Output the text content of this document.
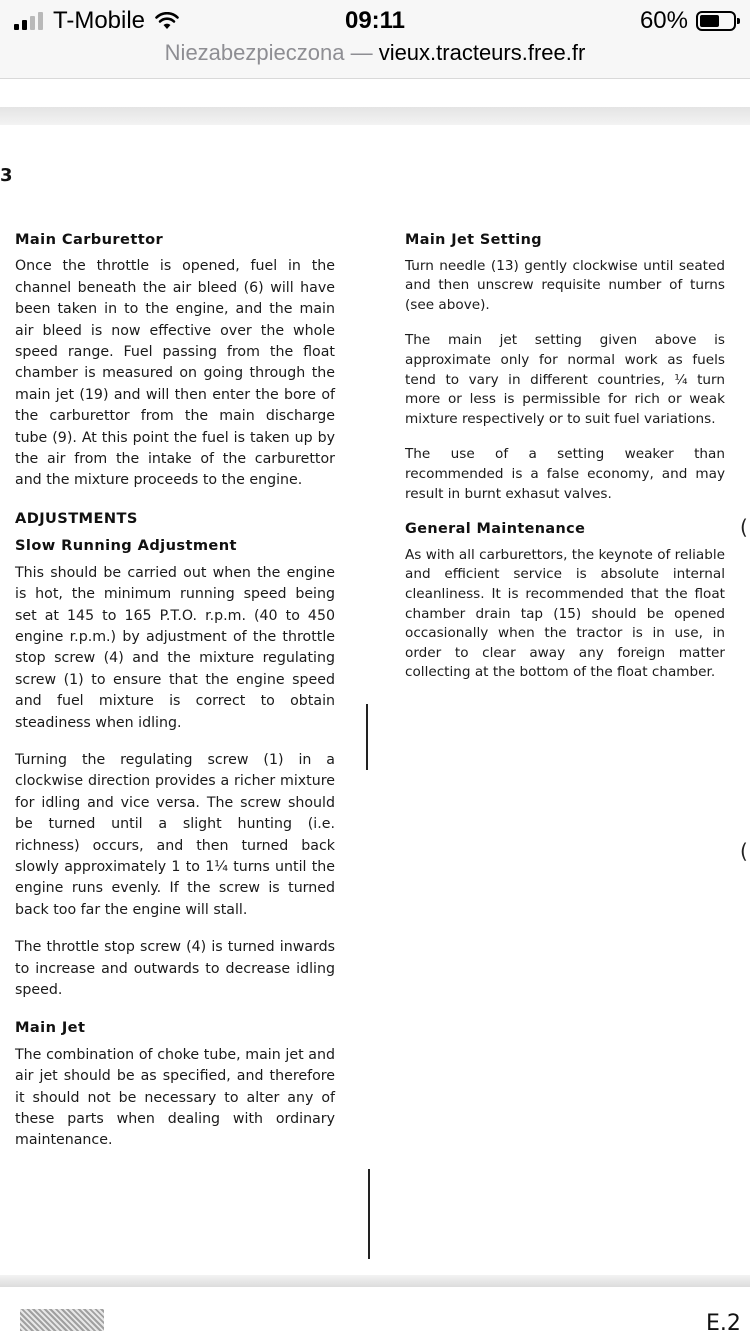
T-Mobile	09:11	60%
Niezabezpieczona — vieux.tracteurs.free.fr
3
Main Carburettor

Once the throttle is opened, fuel in the channel beneath the air bleed (6) will have been taken in to the engine, and the main air bleed is now effective over the whole speed range. Fuel passing from the float chamber is measured on going through the main jet (19) and will then enter the bore of the carburettor from the main discharge tube (9). At this point the fuel is taken up by the air from the intake of the carburettor and the mixture proceeds to the engine.

ADJUSTMENTS
Slow Running Adjustment

This should be carried out when the engine is hot, the minimum running speed being set at 145 to 165 P.T.O. r.p.m. (40 to 450 engine r.p.m.) by adjustment of the throttle stop screw (4) and the mixture regulating screw (1) to ensure that the engine speed and fuel mixture is correct to obtain steadiness when idling.

Turning the regulating screw (1) in a clockwise direction provides a richer mixture for idling and vice versa. The screw should be turned until a slight hunting (i.e. richness) occurs, and then turned back slowly approximately 1 to 1¼ turns until the engine runs evenly. If the screw is turned back too far the engine will stall.

The throttle stop screw (4) is turned inwards to increase and outwards to decrease idling speed.

Main Jet

The combination of choke tube, main jet and air jet should be as specified, and therefore it should not be necessary to alter any of these parts when dealing with ordinary maintenance.

Main Jet Setting

Turn needle (13) gently clockwise until seated and then unscrew requisite number of turns (see above).

The main jet setting given above is approximate only for normal work as fuels tend to vary in different countries, ¼ turn more or less is permissible for rich or weak mixture respectively or to suit fuel variations.

The use of a setting weaker than recommended is a false economy, and may result in burnt exhasut valves.

General Maintenance

As with all carburettors, the keynote of reliable and efficient service is absolute internal cleanliness. It is recommended that the float chamber drain tap (15) should be opened occasionally when the tractor is in use, in order to clear away any foreign matter collecting at the bottom of the float chamber.

(
(
E.2
